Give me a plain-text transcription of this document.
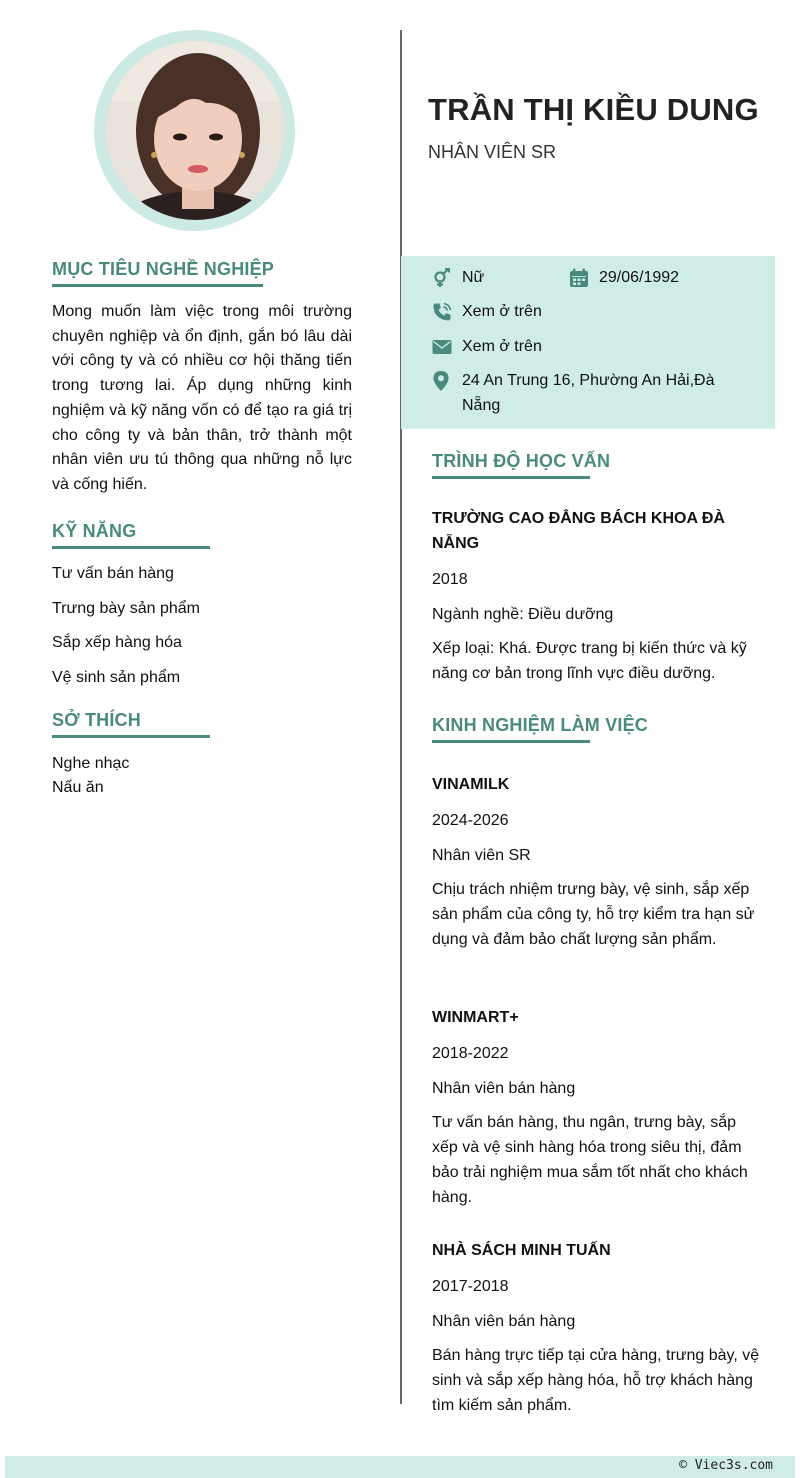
MỤC TIÊU NGHỀ NGHIỆP
Mong muốn làm việc trong môi trường chuyên nghiệp và ổn định, gắn bó lâu dài với công ty và có nhiều cơ hội thăng tiến trong tương lai. Áp dụng những kinh nghiệm và kỹ năng vốn có để tạo ra giá trị cho công ty và bản thân, trở thành một nhân viên ưu tú thông qua những nỗ lực và cống hiến.
KỸ NĂNG
Tư vấn bán hàng
Trưng bày sản phẩm
Sắp xếp hàng hóa
Vệ sinh sản phẩm
SỞ THÍCH
Nghe nhạc
Nấu ăn
TRẦN THỊ KIỀU DUNG
NHÂN VIÊN SR
Nữ	29/06/1992
Xem ở trên
Xem ở trên
24 An Trung 16, Phường An Hải,Đà Nẵng
TRÌNH ĐỘ HỌC VẤN
TRƯỜNG CAO ĐẲNG BÁCH KHOA ĐÀ NẴNG
2018
Ngành nghề: Điều dưỡng
Xếp loại: Khá. Được trang bị kiến thức và kỹ năng cơ bản trong lĩnh vực điều dưỡng.
KINH NGHIỆM LÀM VIỆC
VINAMILK
2024-2026
Nhân viên SR
Chịu trách nhiệm trưng bày, vệ sinh, sắp xếp sản phẩm của công ty, hỗ trợ kiểm tra hạn sử dụng và đảm bảo chất lượng sản phẩm.
WINMART+
2018-2022
Nhân viên bán hàng
Tư vấn bán hàng, thu ngân, trưng bày, sắp xếp và vệ sinh hàng hóa trong siêu thị, đảm bảo trải nghiệm mua sắm tốt nhất cho khách hàng.
NHÀ SÁCH MINH TUẤN
2017-2018
Nhân viên bán hàng
Bán hàng trực tiếp tại cửa hàng, trưng bày, vệ sinh và sắp xếp hàng hóa, hỗ trợ khách hàng tìm kiếm sản phẩm.
© Viec3s.com
